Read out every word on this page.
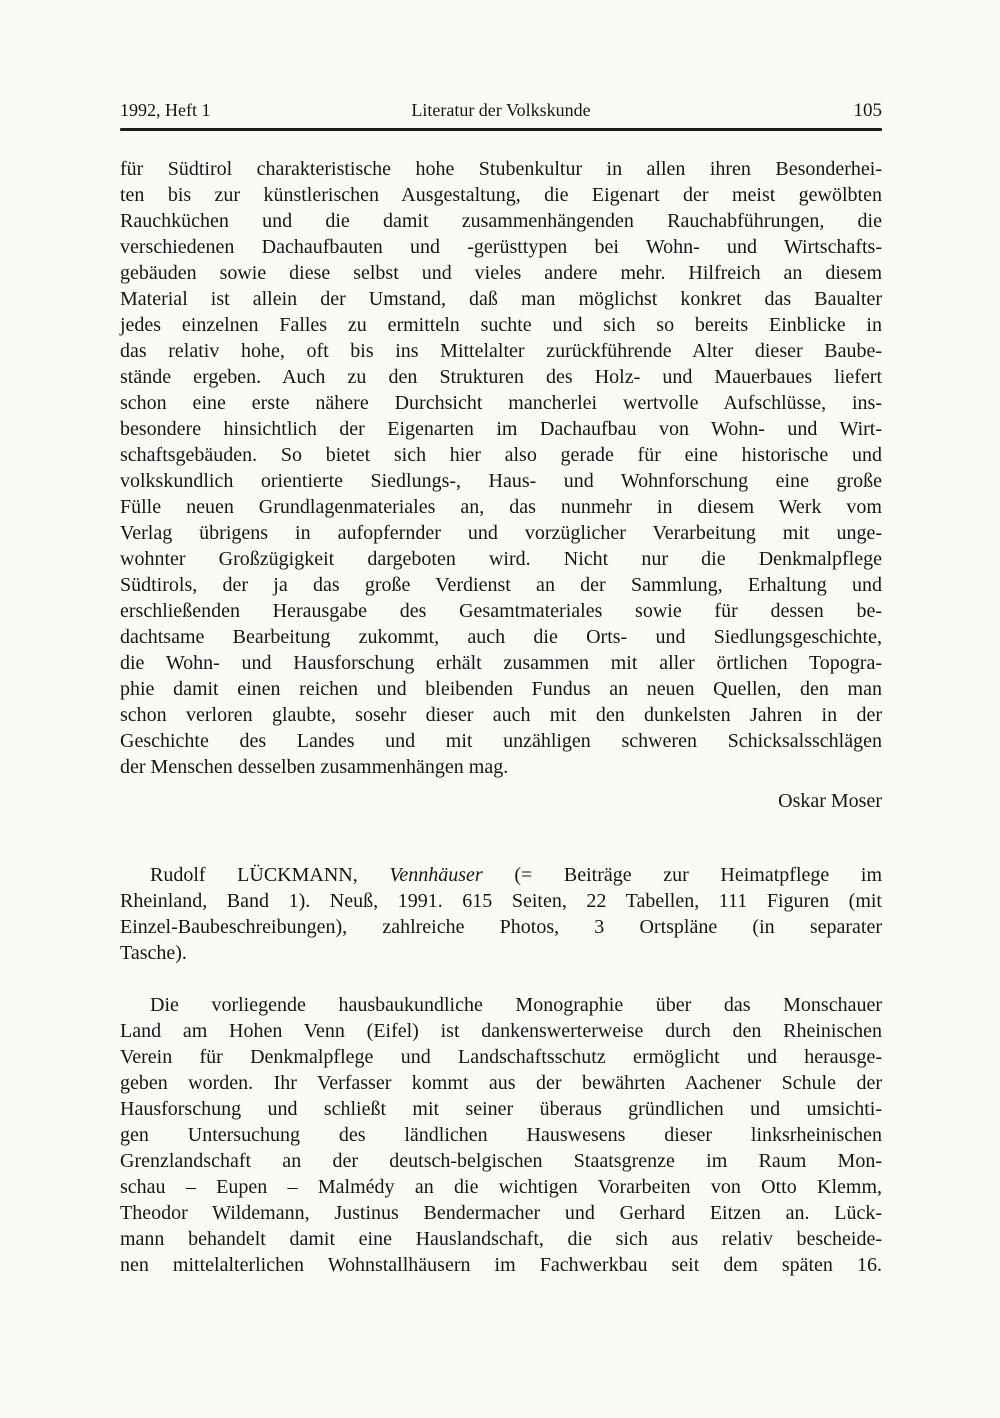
1992, Heft 1	Literatur der Volkskunde	105
für Südtirol charakteristische hohe Stubenkultur in allen ihren Besonderhei-
ten bis zur künstlerischen Ausgestaltung, die Eigenart der meist gewölbten
Rauchküchen und die damit zusammenhängenden Rauchabführungen, die
verschiedenen Dachaufbauten und -gerüsttypen bei Wohn- und Wirtschafts-
gebäuden sowie diese selbst und vieles andere mehr. Hilfreich an diesem
Material ist allein der Umstand, daß man möglichst konkret das Baualter
jedes einzelnen Falles zu ermitteln suchte und sich so bereits Einblicke in
das relativ hohe, oft bis ins Mittelalter zurückführende Alter dieser Baube-
stände ergeben. Auch zu den Strukturen des Holz- und Mauerbaues liefert
schon eine erste nähere Durchsicht mancherlei wertvolle Aufschlüsse, ins-
besondere hinsichtlich der Eigenarten im Dachaufbau von Wohn- und Wirt-
schaftsgebäuden. So bietet sich hier also gerade für eine historische und
volkskundlich orientierte Siedlungs-, Haus- und Wohnforschung eine große
Fülle neuen Grundlagenmateriales an, das nunmehr in diesem Werk vom
Verlag übrigens in aufopfernder und vorzüglicher Verarbeitung mit unge-
wohnter Großzügigkeit dargeboten wird. Nicht nur die Denkmalpflege
Südtirols, der ja das große Verdienst an der Sammlung, Erhaltung und
erschließenden Herausgabe des Gesamtmateriales sowie für dessen be-
dachtsame Bearbeitung zukommt, auch die Orts- und Siedlungsgeschichte,
die Wohn- und Hausforschung erhält zusammen mit aller örtlichen Topogra-
phie damit einen reichen und bleibenden Fundus an neuen Quellen, den man
schon verloren glaubte, sosehr dieser auch mit den dunkelsten Jahren in der
Geschichte des Landes und mit unzähligen schweren Schicksalsschlägen
der Menschen desselben zusammenhängen mag.
Oskar Moser
Rudolf LÜCKMANN, Vennhäuser (= Beiträge zur Heimatpflege im
Rheinland, Band 1). Neuß, 1991. 615 Seiten, 22 Tabellen, 111 Figuren (mit
Einzel-Baubeschreibungen), zahlreiche Photos, 3 Ortspläne (in separater
Tasche).
Die vorliegende hausbaukundliche Monographie über das Monschauer
Land am Hohen Venn (Eifel) ist dankenswerterweise durch den Rheinischen
Verein für Denkmalpflege und Landschaftsschutz ermöglicht und herausge-
geben worden. Ihr Verfasser kommt aus der bewährten Aachener Schule der
Hausforschung und schließt mit seiner überaus gründlichen und umsichti-
gen Untersuchung des ländlichen Hauswesens dieser linksrheinischen
Grenzlandschaft an der deutsch-belgischen Staatsgrenze im Raum Mon-
schau – Eupen – Malmédy an die wichtigen Vorarbeiten von Otto Klemm,
Theodor Wildemann, Justinus Bendermacher und Gerhard Eitzen an. Lück-
mann behandelt damit eine Hauslandschaft, die sich aus relativ bescheide-
nen mittelalterlichen Wohnstallhäusern im Fachwerkbau seit dem späten 16.
